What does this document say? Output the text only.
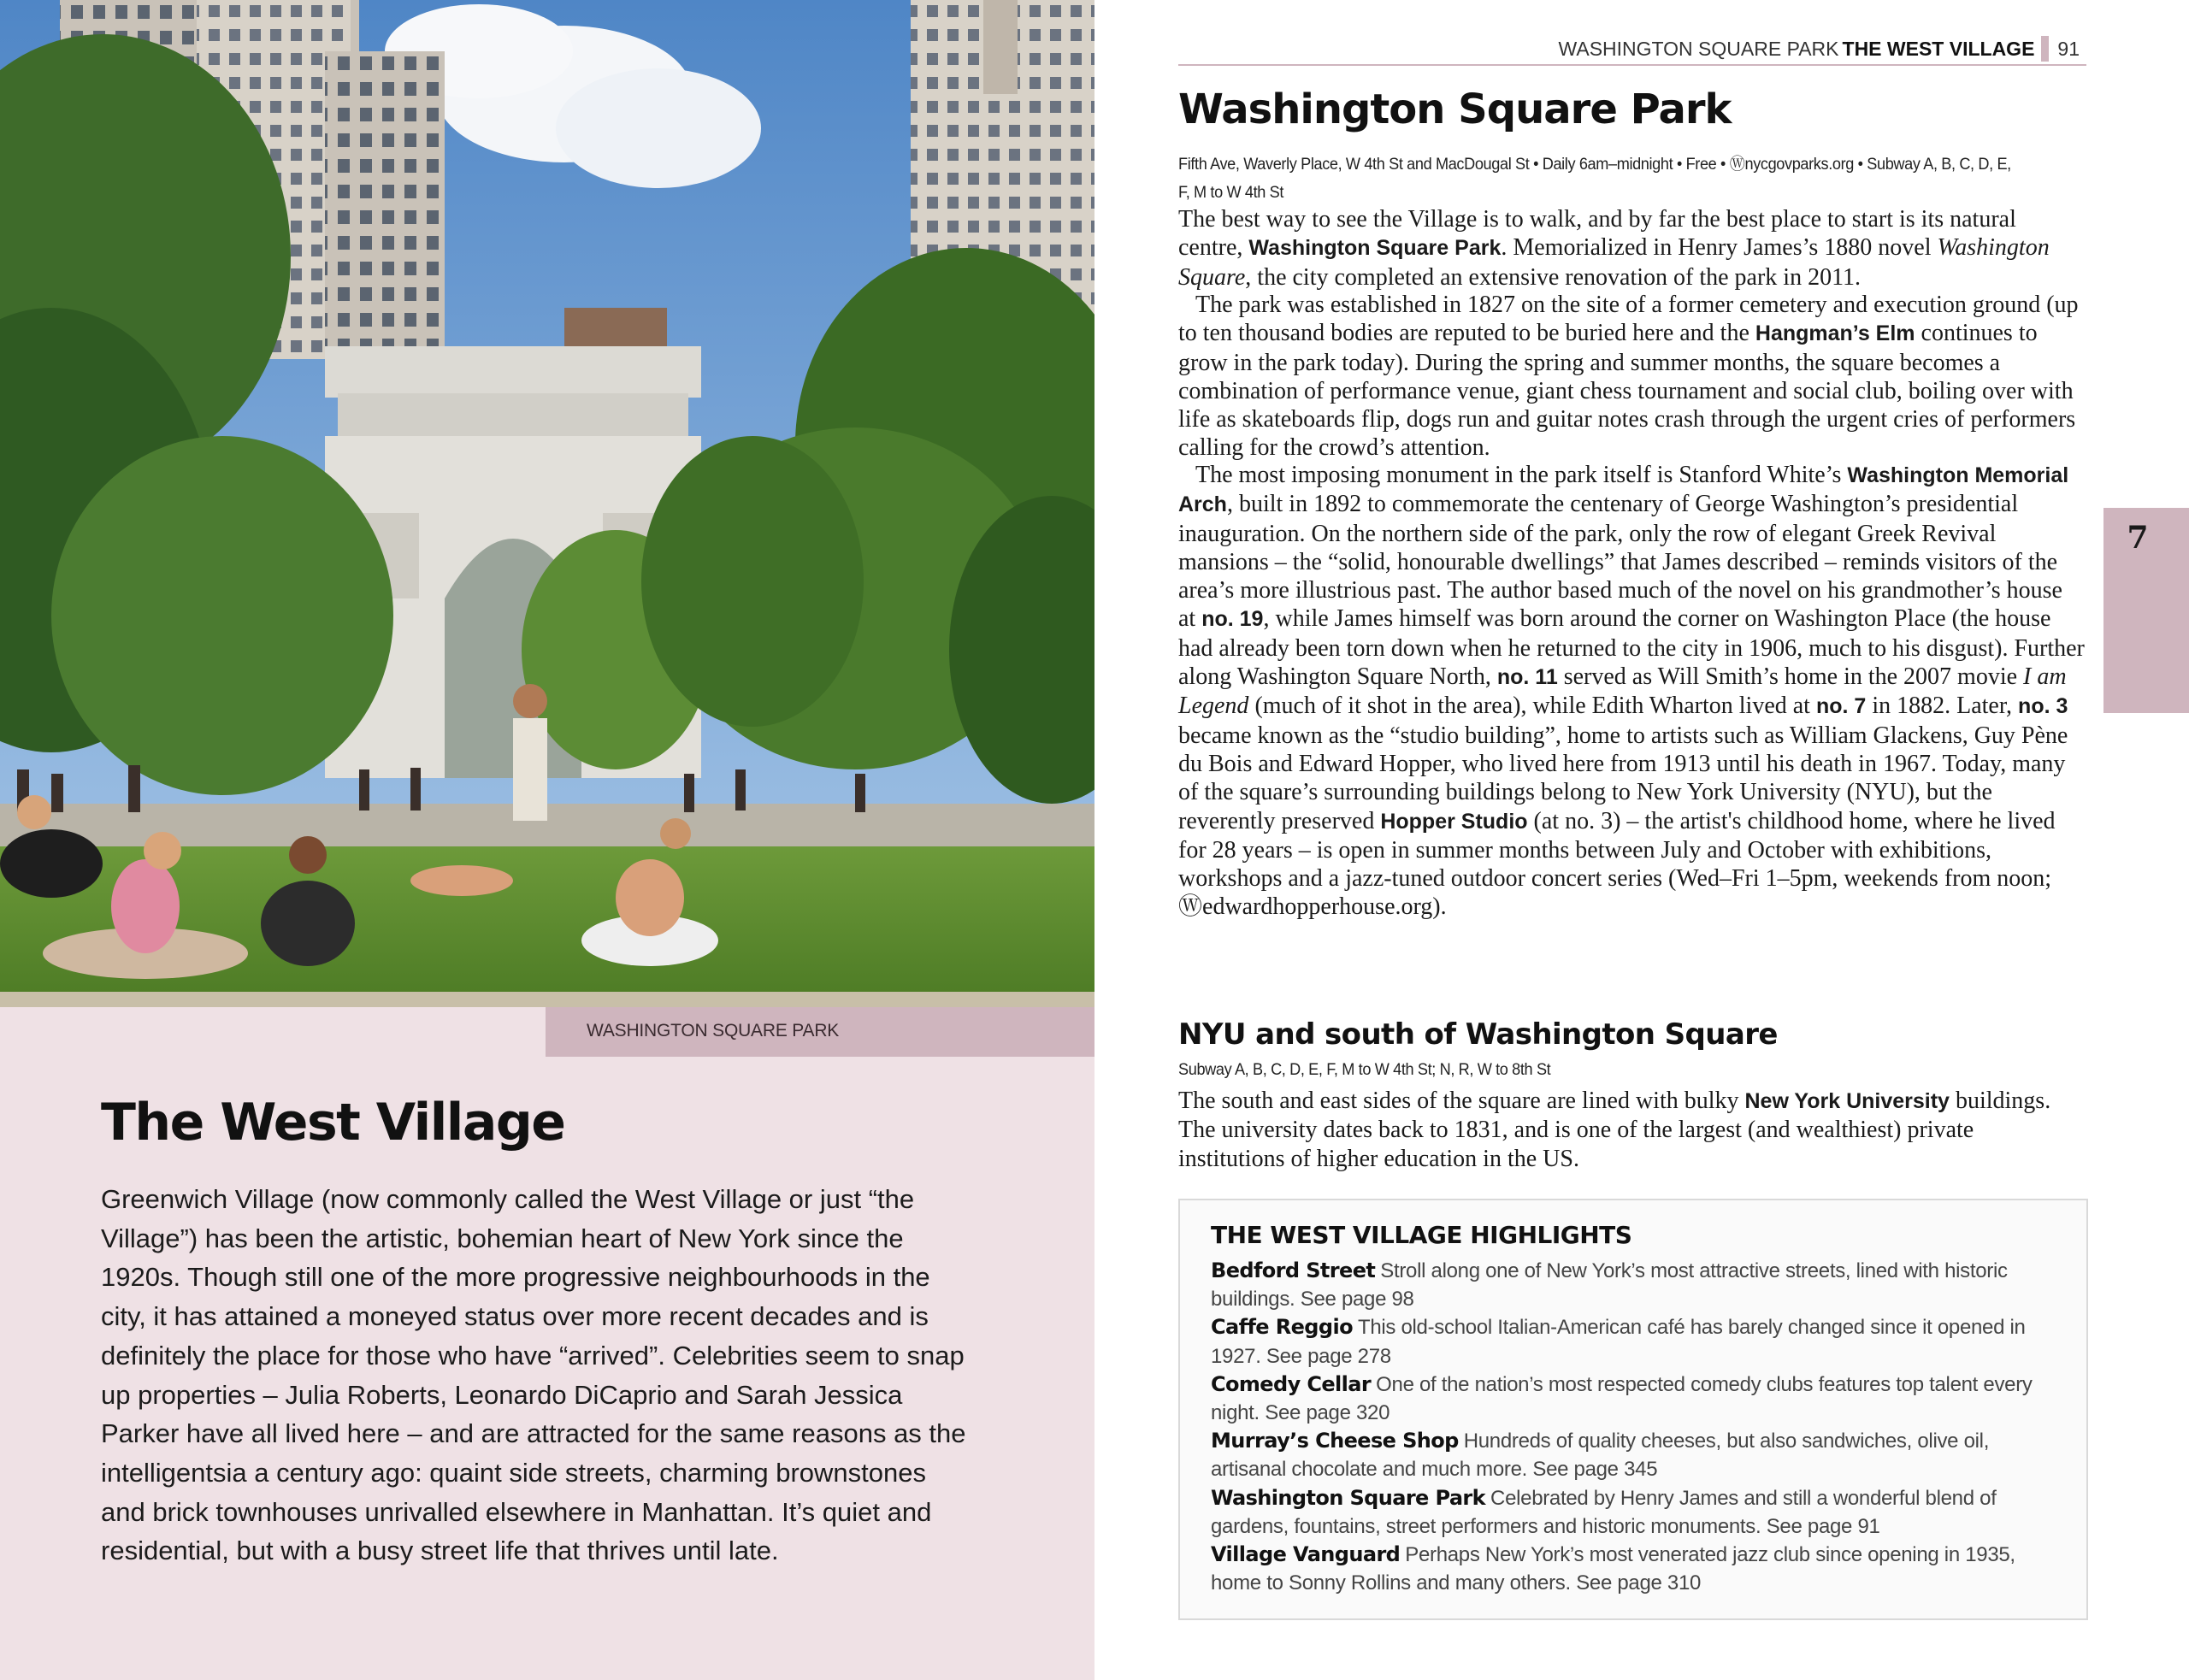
WASHINGTON SQUARE PARK
The West Village

Greenwich Village (now commonly called the West Village or just “the Village”) has been the artistic, bohemian heart of New York since the 1920s. Though still one of the more progressive neighbourhoods in the city, it has attained a moneyed status over more recent decades and is definitely the place for those who have “arrived”. Celebrities seem to snap up properties – Julia Roberts, Leonardo DiCaprio and Sarah Jessica Parker have all lived here – and are attracted for the same reasons as the intelligentsia a century ago: quaint side streets, charming brownstones and brick townhouses unrivalled elsewhere in Manhattan. It’s quiet and residential, but with a busy street life that thrives until late.

WASHINGTON SQUARE PARK THE WEST VILLAGE 91
7
Washington Square Park
Fifth Ave, Waverly Place, W 4th St and MacDougal St • Daily 6am–midnight • Free • Ⓦnycgovparks.org • Subway A, B, C, D, E, F, M to W 4th St

The best way to see the Village is to walk, and by far the best place to start is its natural centre, Washington Square Park. Memorialized in Henry James’s 1880 novel Washington Square, the city completed an extensive renovation of the park in 2011.

The park was established in 1827 on the site of a former cemetery and execution ground (up to ten thousand bodies are reputed to be buried here and the Hangman’s Elm continues to grow in the park today). During the spring and summer months, the square becomes a combination of performance venue, giant chess tournament and social club, boiling over with life as skateboards flip, dogs run and guitar notes crash through the urgent cries of performers calling for the crowd’s attention.

The most imposing monument in the park itself is Stanford White’s Washington Memorial Arch, built in 1892 to commemorate the centenary of George Washington’s presidential inauguration. On the northern side of the park, only the row of elegant Greek Revival mansions – the “solid, honourable dwellings” that James described – reminds visitors of the area’s more illustrious past. The author based much of the novel on his grandmother’s house at no. 19, while James himself was born around the corner on Washington Place (the house had already been torn down when he returned to the city in 1906, much to his disgust). Further along Washington Square North, no. 11 served as Will Smith’s home in the 2007 movie I am Legend (much of it shot in the area), while Edith Wharton lived at no. 7 in 1882. Later, no. 3 became known as the “studio building”, home to artists such as William Glackens, Guy Pène du Bois and Edward Hopper, who lived here from 1913 until his death in 1967. Today, many of the square’s surrounding buildings belong to New York University (NYU), but the reverently preserved Hopper Studio (at no. 3) – the artist's childhood home, where he lived for 28 years – is open in summer months between July and October with exhibitions, workshops and a jazz-tuned outdoor concert series (Wed–Fri 1–5pm, weekends from noon; Ⓦedwardhopperhouse.org).

NYU and south of Washington Square
Subway A, B, C, D, E, F, M to W 4th St; N, R, W to 8th St

The south and east sides of the square are lined with bulky New York University buildings. The university dates back to 1831, and is one of the largest (and wealthiest) private institutions of higher education in the US.

THE WEST VILLAGE HIGHLIGHTS
Bedford Street Stroll along one of New York’s most attractive streets, lined with historic buildings. See page 98
Caffe Reggio This old-school Italian-American café has barely changed since it opened in 1927. See page 278
Comedy Cellar One of the nation’s most respected comedy clubs features top talent every night. See page 320
Murray’s Cheese Shop Hundreds of quality cheeses, but also sandwiches, olive oil, artisanal chocolate and much more. See page 345
Washington Square Park Celebrated by Henry James and still a wonderful blend of gardens, fountains, street performers and historic monuments. See page 91
Village Vanguard Perhaps New York’s most venerated jazz club since opening in 1935, home to Sonny Rollins and many others. See page 310
